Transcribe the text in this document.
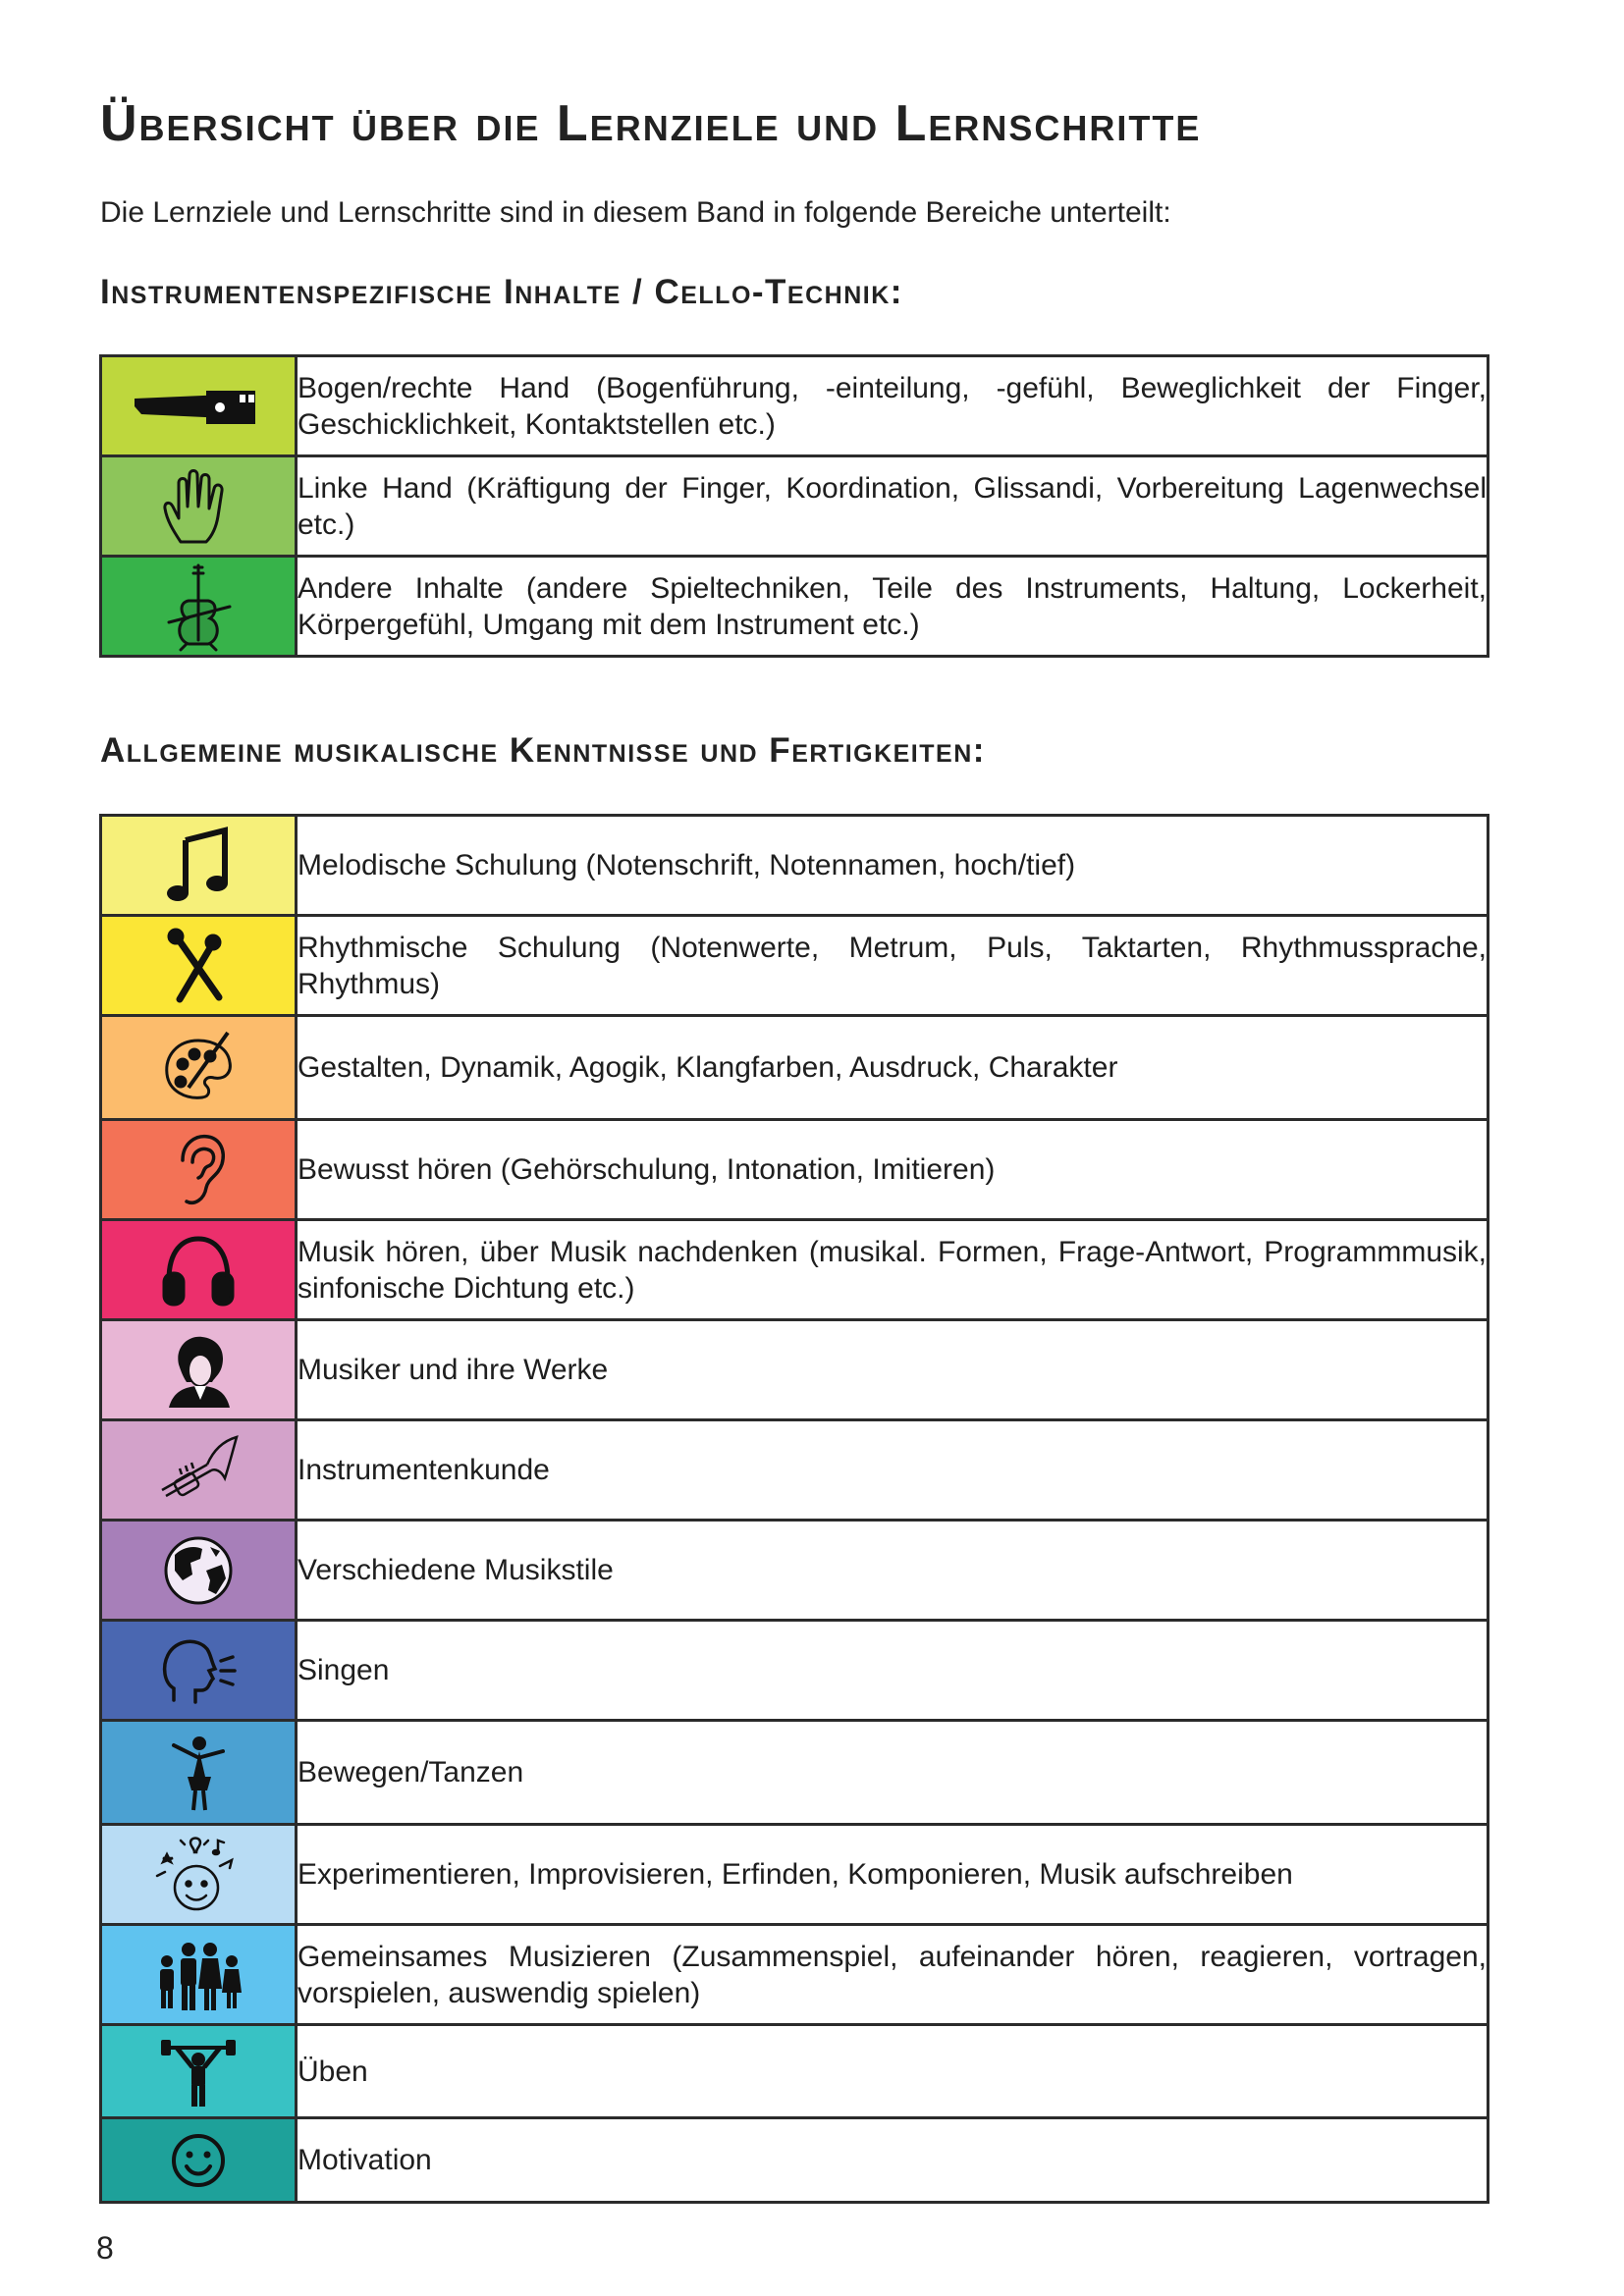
Übersicht über die Lernziele und Lernschritte

Die Lernziele und Lernschritte sind in diesem Band in folgende Bereiche unterteilt:

Instrumentenspezifische Inhalte / Cello-Technik:
	Bogen/rechte Hand (Bogenführung, -einteilung, -gefühl, Beweglichkeit der Finger, Geschicklichkeit, Kontaktstellen etc.)

	Linke Hand (Kräftigung der Finger, Koordination, Glissandi, Vorbereitung Lagenwechsel etc.)

	Andere Inhalte (andere Spieltechniken, Teile des Instruments, Haltung, Lockerheit, Körpergefühl, Umgang mit dem Instrument etc.)
Allgemeine musikalische Kenntnisse und Fertigkeiten:
	Melodische Schulung (Notenschrift, Notennamen, hoch/tief)

	Rhythmische Schulung (Notenwerte, Metrum, Puls, Taktarten, Rhythmussprache, Rhythmus)

	Gestalten, Dynamik, Agogik, Klangfarben, Ausdruck, Charakter

	Bewusst hören (Gehörschulung, Intonation, Imitieren)

	Musik hören, über Musik nachdenken (musikal. Formen, Frage-Antwort, Programmmusik, sinfonische Dichtung etc.)

	Musiker und ihre Werke

	Instrumentenkunde

	Verschiedene Musikstile

	Singen

	Bewegen/Tanzen

	Experimentieren, Improvisieren, Erfinden, Komponieren, Musik aufschreiben

	Gemeinsames Musizieren (Zusammenspiel, aufeinander hören, reagieren, vortragen, vorspielen, auswendig spielen)

	Üben

	Motivation

8
